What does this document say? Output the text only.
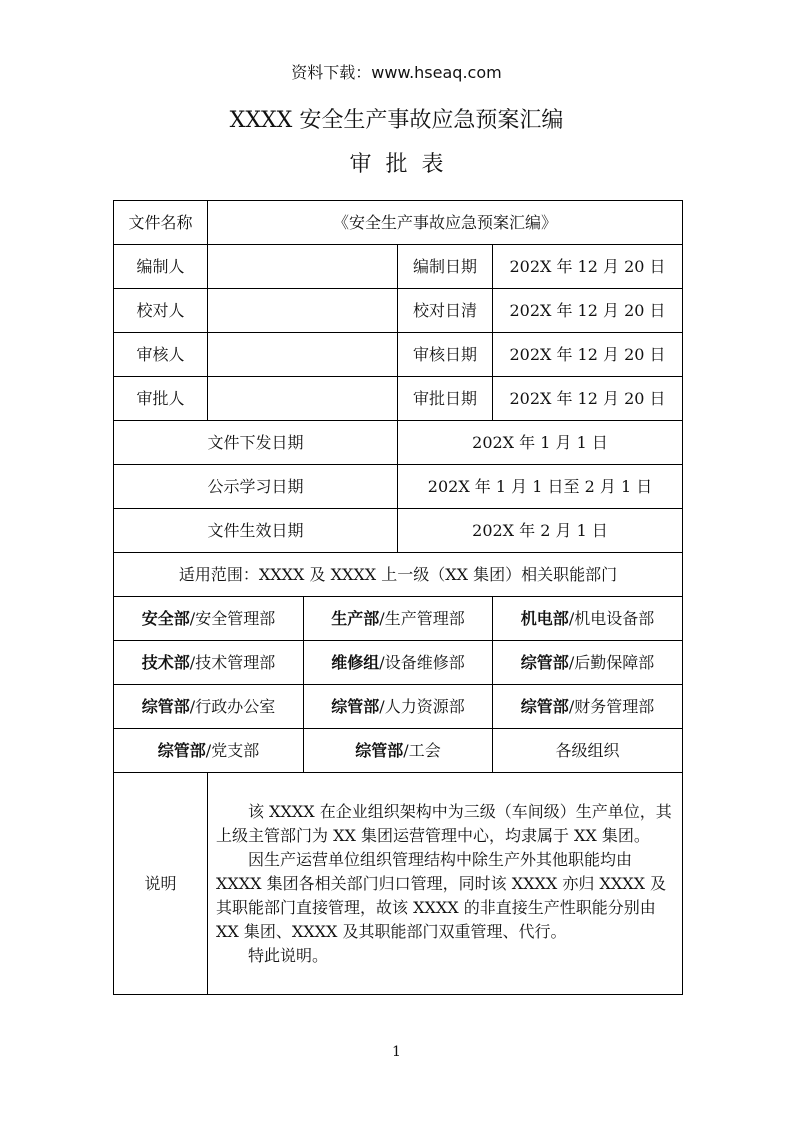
资料下载：www.hseaq.com
XXXX 安全生产事故应急预案汇编
审批表
文件名称	《安全生产事故应急预案汇编》			
编制人			编制日期	202X 年 12 月 20 日
校对人			校对日清	202X 年 12 月 20 日
审核人			审核日期	202X 年 12 月 20 日
审批人			审批日期	202X 年 12 月 20 日
文件下发日期			202X 年 1 月 1 日	
公示学习日期			202X 年 1 月 1 日至 2 月 1 日	
文件生效日期			202X 年 2 月 1 日	
适用范围：XXXX 及 XXXX 上一级（XX 集团）相关职能部门				
安全部/安全管理部		生产部/生产管理部		机电部/机电设备部
技术部/技术管理部		维修组/设备维修部		综管部/后勤保障部
综管部/行政办公室		综管部/人力资源部		综管部/财务管理部
综管部/党支部		综管部/工会		各级组织
说明	该 XXXX 在企业组织架构中为三级（车间级）生产单位，其上级主管部门为 XX 集团运营管理中心，均隶属于 XX 集团。

因生产运营单位组织管理结构中除生产外其他职能均由 XXXX 集团各相关部门归口管理，同时该 XXXX 亦归 XXXX 及其职能部门直接管理，故该 XXXX 的非直接生产性职能分别由 XX 集团、XXXX 及其职能部门双重管理、代行。

特此说明。			

1
